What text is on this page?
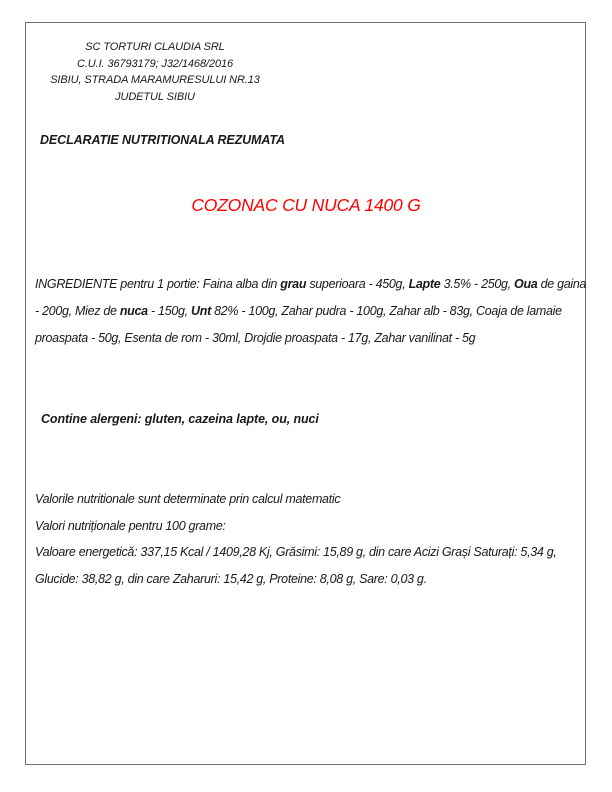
SC TORTURI CLAUDIA SRL
C.U.I. 36793179; J32/1468/2016
SIBIU, STRADA MARAMURESULUI NR.13
JUDETUL SIBIU
DECLARATIE NUTRITIONALA REZUMATA
COZONAC CU NUCA 1400 G

INGREDIENTE pentru 1 portie: Faina alba din grau superioara - 450g, Lapte 3.5% - 250g, Oua de gaina - 200g, Miez de nuca - 150g, Unt 82% - 100g, Zahar pudra - 100g, Zahar alb - 83g, Coaja de lamaie proaspata - 50g, Esenta de rom - 30ml, Drojdie proaspata - 17g, Zahar vanilinat - 5g

Contine alergeni: gluten, cazeina lapte, ou, nuci
Valorile nutritionale sunt determinate prin calcul matematic
Valori nutriționale pentru 100 grame:

Valoare energetică: 337,15 Kcal / 1409,28 Kj, Grăsimi: 15,89 g, din care Acizi Grași Saturați: 5,34 g, Glucide: 38,82 g, din care Zaharuri: 15,42 g, Proteine: 8,08 g, Sare: 0,03 g.
